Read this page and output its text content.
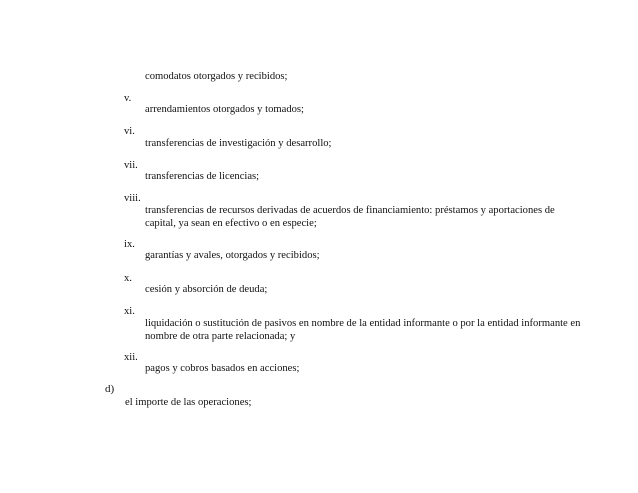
comodatos otorgados y recibidos;
v.
arrendamientos otorgados y tomados;
vi.
transferencias de investigación y desarrollo;
vii.
transferencias de licencias;
viii.
transferencias de recursos derivadas de acuerdos de financiamiento: préstamos y aportaciones de capital, ya sean en efectivo o en especie;
ix.
garantías y avales, otorgados y recibidos;
x.
cesión y absorción de deuda;
xi.
liquidación o sustitución de pasivos en nombre de la entidad informante o por la entidad informante en nombre de otra parte relacionada; y
xii.
pagos y cobros basados en acciones;
d)
el importe de las operaciones;
